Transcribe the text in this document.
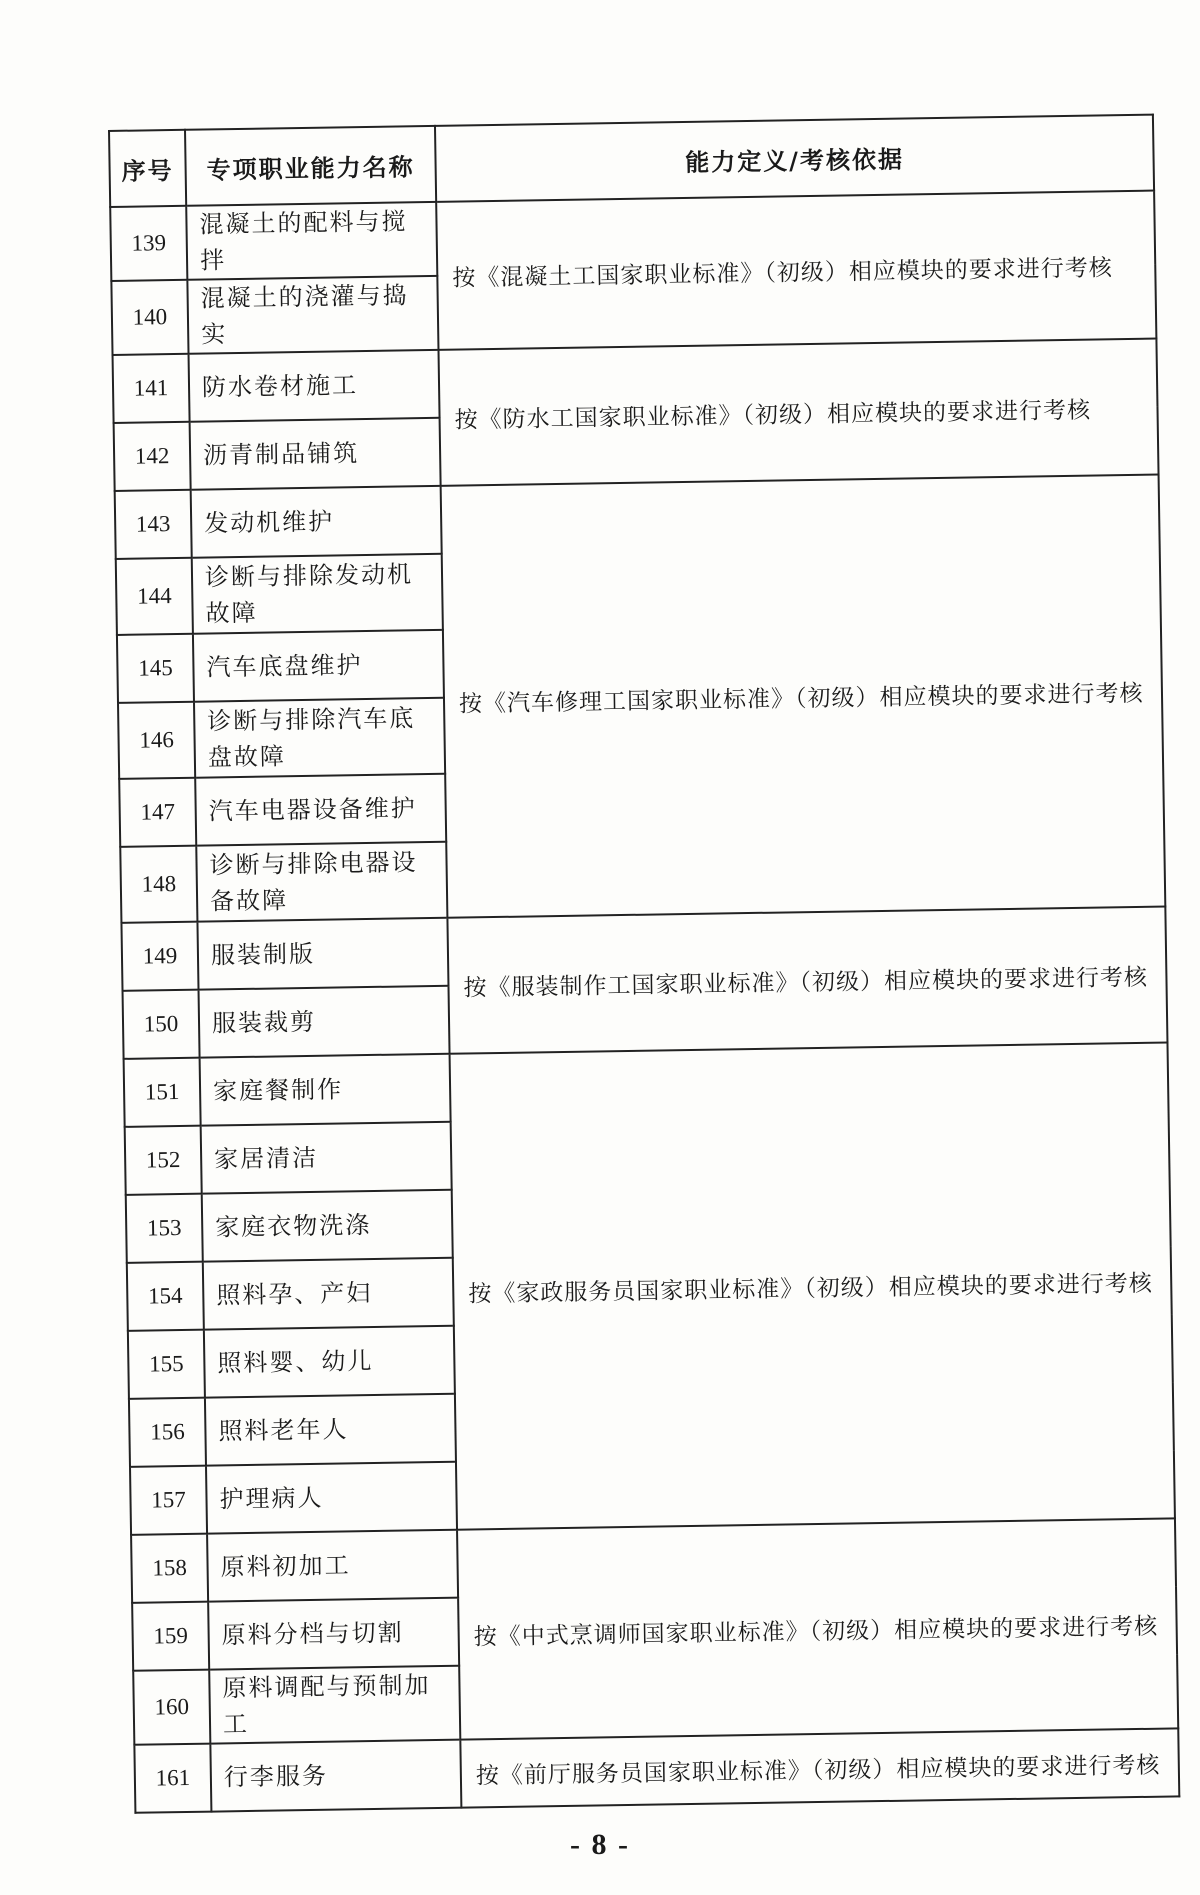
序号	专项职业能力名称	能力定义/考核依据
139	混凝土的配料与搅拌	按《混凝土工国家职业标准》（初级）相应模块的要求进行考核
140	混凝土的浇灌与捣实	
141	防水卷材施工	按《防水工国家职业标准》（初级）相应模块的要求进行考核
142	沥青制品铺筑	
143	发动机维护	按《汽车修理工国家职业标准》（初级）相应模块的要求进行考核
144	诊断与排除发动机故障	
145	汽车底盘维护	
146	诊断与排除汽车底盘故障	
147	汽车电器设备维护	
148	诊断与排除电器设备故障	
149	服装制版	按《服装制作工国家职业标准》（初级）相应模块的要求进行考核
150	服装裁剪	
151	家庭餐制作	按《家政服务员国家职业标准》（初级）相应模块的要求进行考核
152	家居清洁	
153	家庭衣物洗涤	
154	照料孕、产妇	
155	照料婴、幼儿	
156	照料老年人	
157	护理病人	
158	原料初加工	按《中式烹调师国家职业标准》（初级）相应模块的要求进行考核
159	原料分档与切割	
160	原料调配与预制加工	
161	行李服务	按《前厅服务员国家职业标准》（初级）相应模块的要求进行考核
- 8 -
